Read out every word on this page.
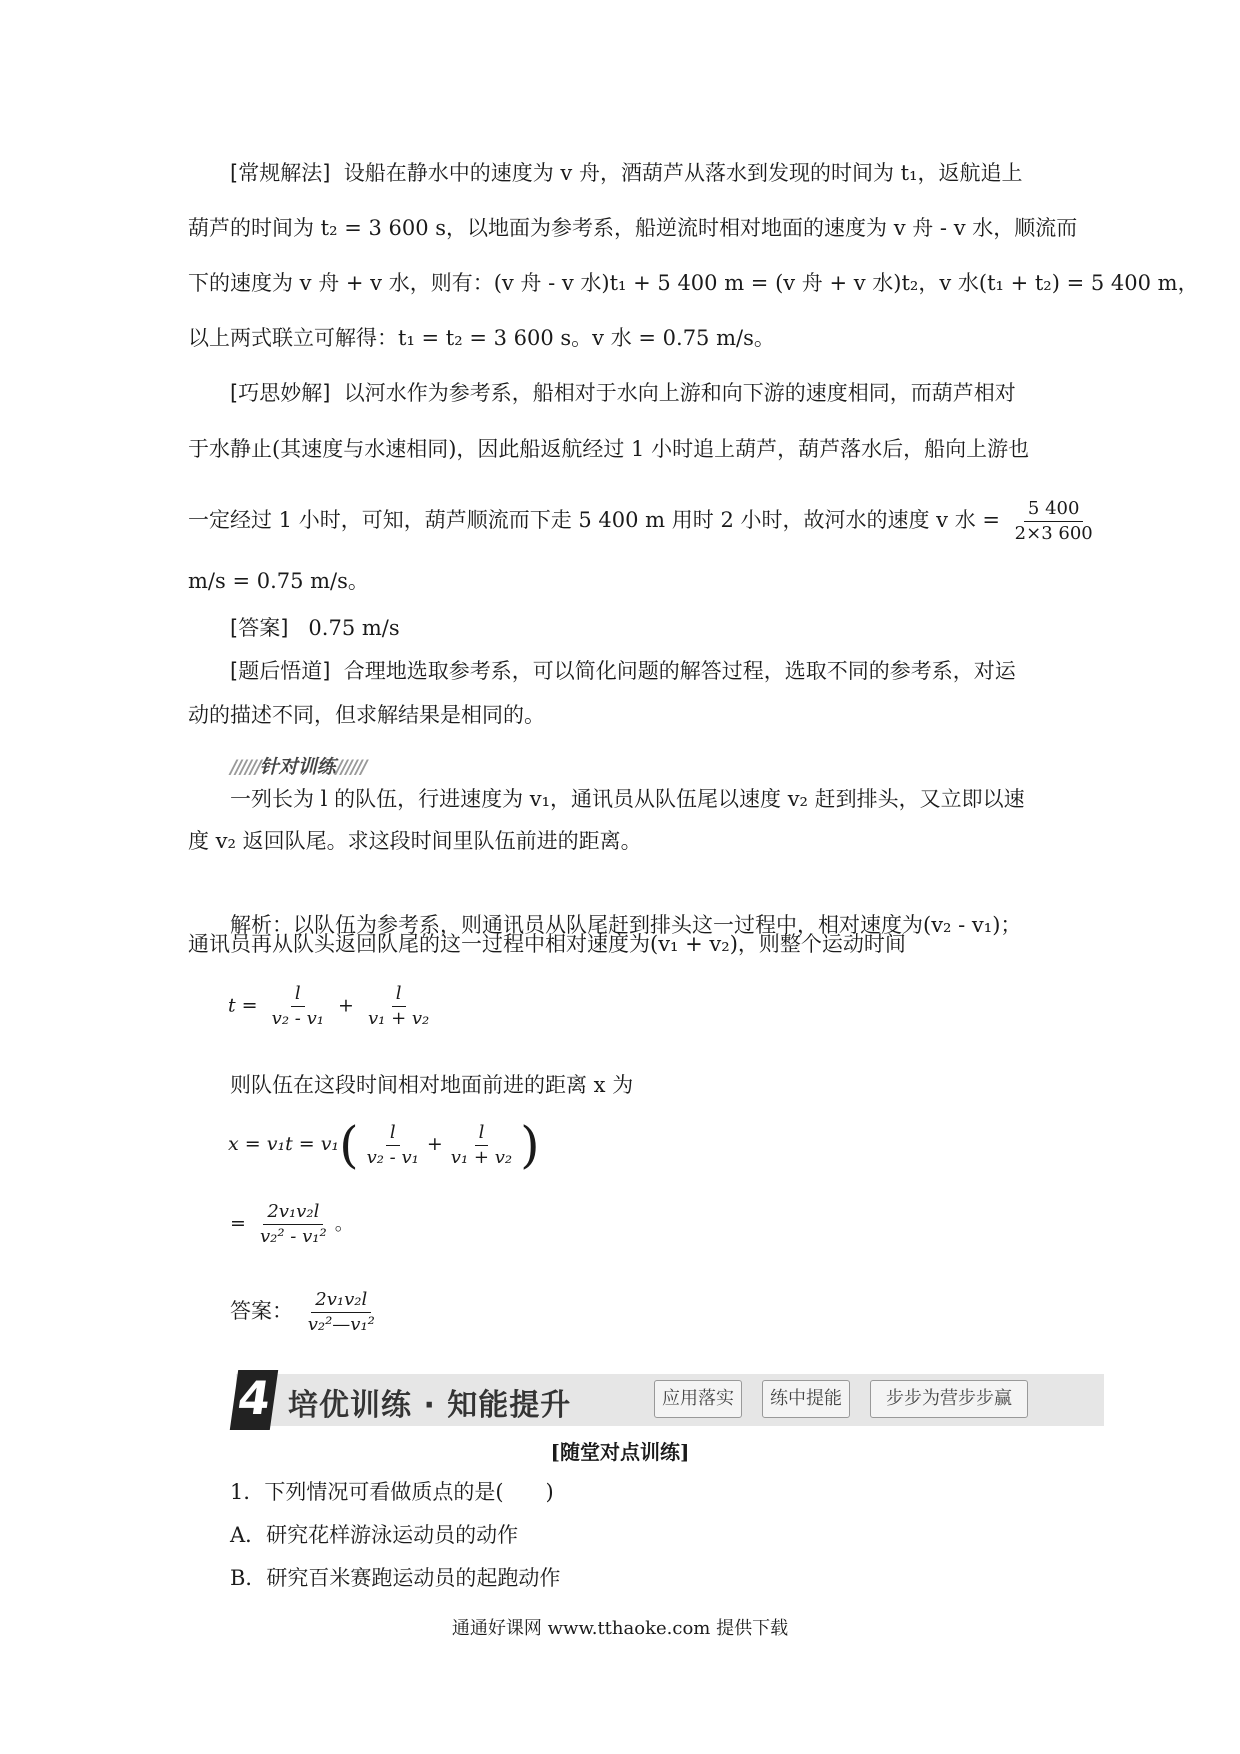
[常规解法] 设船在静水中的速度为 v 舟，酒葫芦从落水到发现的时间为 t₁，返航追上
葫芦的时间为 t₂ = 3 600 s，以地面为参考系，船逆流时相对地面的速度为 v 舟 - v 水，顺流而
下的速度为 v 舟 + v 水，则有：(v 舟 - v 水)t₁ + 5 400 m = (v 舟 + v 水)t₂，v 水(t₁ + t₂) = 5 400 m，
以上两式联立可解得：t₁ = t₂ = 3 600 s。v 水 = 0.75 m/s。
[巧思妙解] 以河水作为参考系，船相对于水向上游和向下游的速度相同，而葫芦相对
于水静止(其速度与水速相同)，因此船返航经过 1 小时追上葫芦，葫芦落水后，船向上游也
一定经过 1 小时，可知，葫芦顺流而下走 5 400 m 用时 2 小时，故河水的速度 v 水 = $\frac{5 400}{2\times 3 600}$
m/s = 0.75 m/s。
[答案] 0.75 m/s
[题后悟道] 合理地选取参考系，可以简化问题的解答过程，选取不同的参考系，对运
动的描述不同，但求解结果是相同的。
//////针对训练//////
一列长为 l 的队伍，行进速度为 v₁，通讯员从队伍尾以速度 v₂ 赶到排头，又立即以速
度 v₂ 返回队尾。求这段时间里队伍前进的距离。
解析：以队伍为参考系，则通讯员从队尾赶到排头这一过程中，相对速度为(v₂ - v₁)；
通讯员再从队头返回队尾的这一过程中相对速度为(v₁ + v₂)，则整个运动时间
$t = \frac{l}{\text{v₂ - v₁}} + \frac{l}{\text{v₁ + v₂}}$
则队伍在这段时间相对地面前进的距离 x 为
$x = v_1t = v_1( \frac{l}{\text{v₂ - v₁}} + \frac{l}{\text{v₁ + v₂}}$ )
= $\frac{\text{2v₁v₂l}}{\text{v₂² - v₁²}}$ 。
答案： $\frac{\text{2v₁v₂l}}{\text{v₂²—v₁²}}$
4 培优训练 · 知能提升	应用落实	练中提能	步步为营步步赢
[随堂对点训练]
1．下列情况可看做质点的是(　　)
A．研究花样游泳运动员的动作
B．研究百米赛跑运动员的起跑动作
通通好课网 www.tthaoke.com 提供下载
